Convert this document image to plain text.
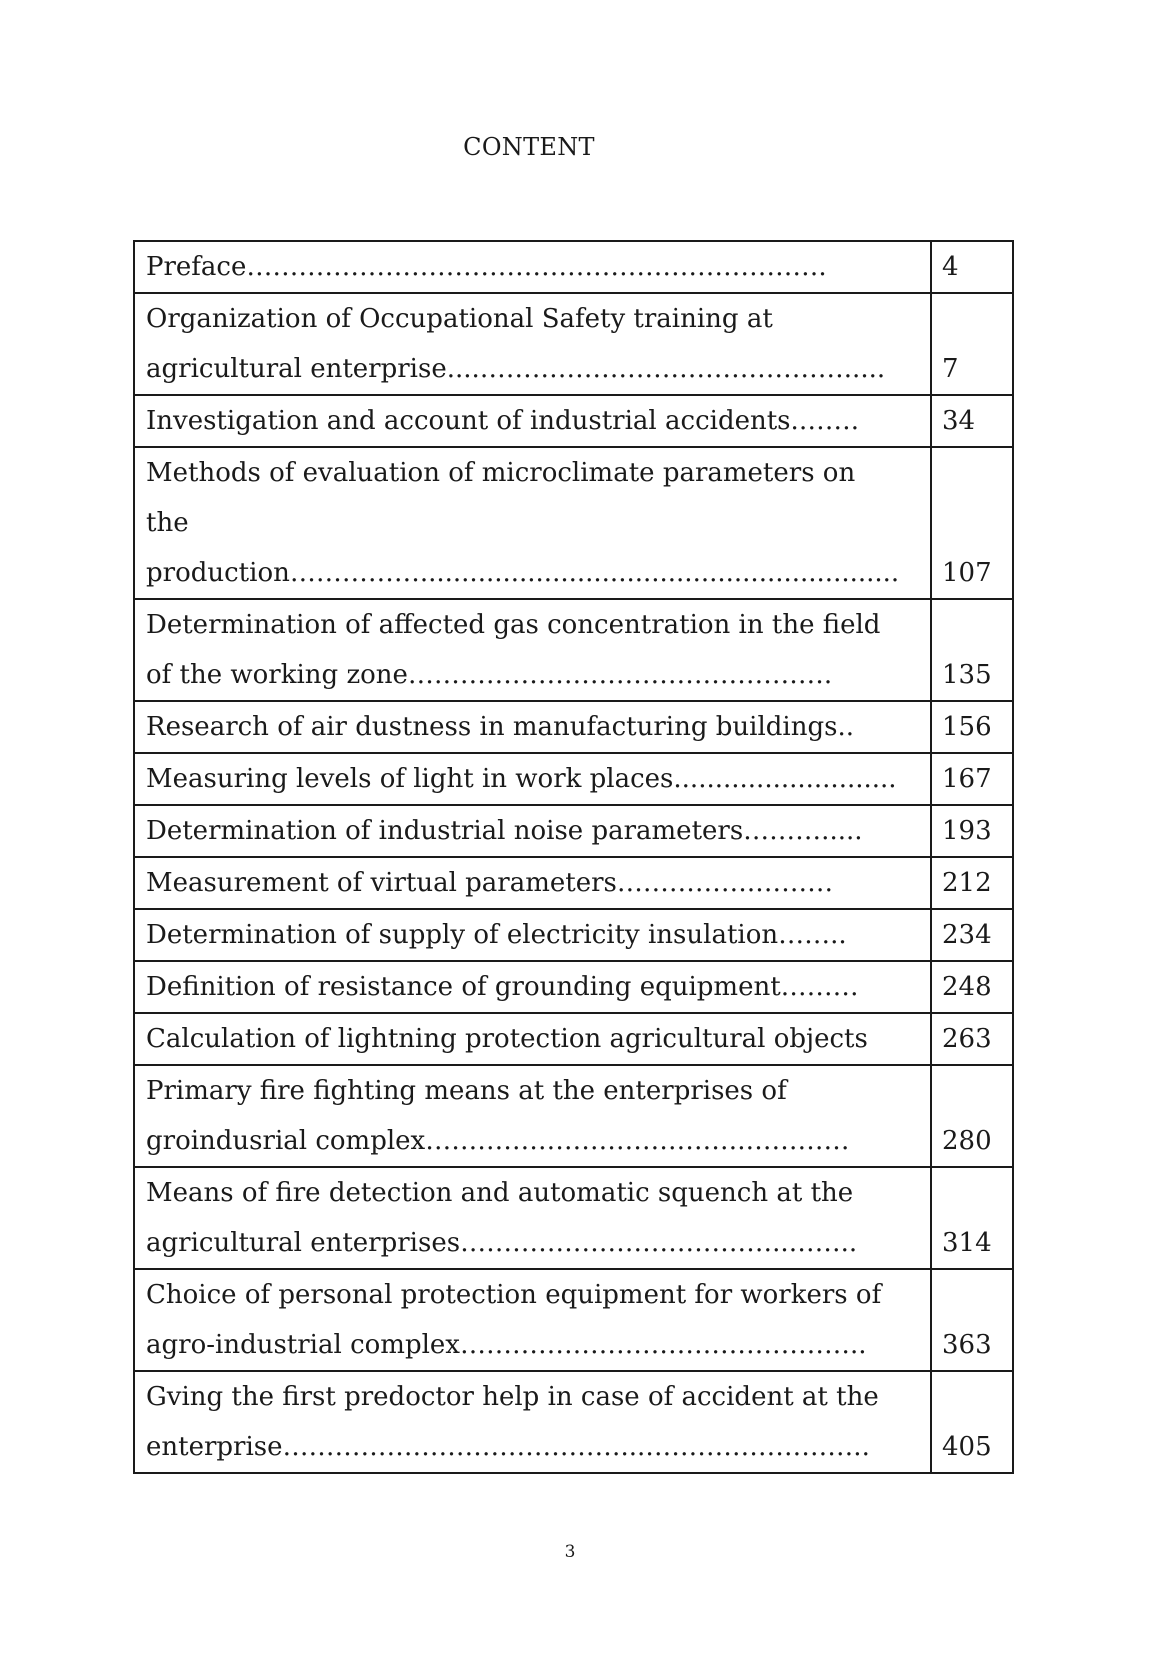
CONTENT
Preface………………………………………………………….	4
Organization of Occupational Safety training at
agricultural enterprise....…………………………………….....	7
Investigation and account of industrial accidents.…….	34
Methods of evaluation of microclimate parameters on
the production……………..........................................................	107
Determination of affected gas concentration in the field
of the working zone………………………………………….	135
Research of air dustness in manufacturing buildings..	156
Measuring levels of light in work places...........................	167
Determination of industrial noise parameters……….....	193
Measurement of virtual parameters…………….………	212
Determination of supply of electricity insulation……..	234
Definition of resistance of grounding equipment………	248
Calculation of lightning protection agricultural objects	263
Primary fire fighting means at the enterprises of
groindusrial complex……………………………….…………	280
Means of fire detection and automatic squench at the
agricultural enterprises………………………………..……..	314
Choice of personal protection equipment for workers of
agro-industrial complex………………………………………..	363
Gving the first predoctor help in case of accident at the
enterprise…………………………………...……………………..	405
3
